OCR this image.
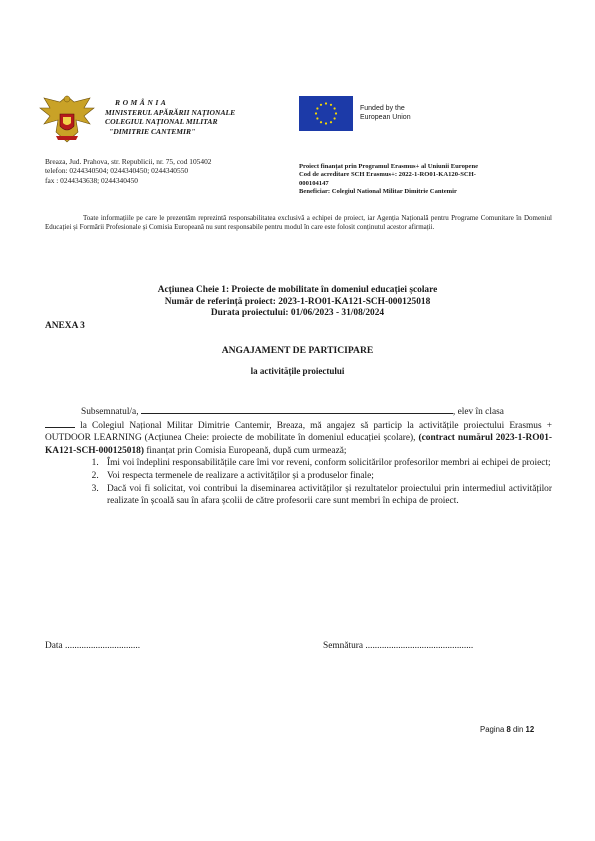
ROMÂNIA
MINISTERUL APĂRĂRII NAȚIONALE
COLEGIUL NAȚIONAL MILITAR
"DIMITRIE CANTEMIR"
Breaza, Jud. Prahova, str. Republicii, nr. 75, cod 105402
telefon: 0244340504; 0244340450; 0244340550
fax : 0244343638; 0244340450
Funded by the
European Union
Proiect finanțat prin Programul Erasmus+ al Uniunii Europene
Cod de acreditare SCH Erasmus+: 2022-1-RO01-KA120-SCH-
000104147
Beneficiar: Colegiul National Militar Dimitrie Cantemir
Toate informațiile pe care le prezentăm reprezintă responsabilitatea exclusivă a echipei de proiect, iar Agenția Națională pentru Programe Comunitare în Domeniul Educației și Formării Profesionale și Comisia Europeană nu sunt responsabile pentru modul în care este folosit conținutul acestor afirmații.
Acțiunea Cheie 1: Proiecte de mobilitate în domeniul educației școlare
Număr de referință proiect: 2023-1-RO01-KA121-SCH-000125018
Durata proiectului: 01/06/2023 - 31/08/2024
ANEXA 3
ANGAJAMENT DE PARTICIPARE
la activitățile proiectului

Subsemnatul/a,	, elev în clasa

la Colegiul Național Militar Dimitrie Cantemir, Breaza, mă angajez să particip la activitățile proiectului Erasmus + OUTDOOR LEARNING (Acțiunea Cheie: proiecte de mobilitate în domeniul educației școlare), (contract numărul 2023-1-RO01-KA121-SCH-000125018) finanțat prin Comisia Europeană, după cum urmează;
1. Îmi voi îndeplini responsabilitățile care îmi vor reveni, conform solicitărilor profesorilor membri ai echipei de proiect;
2. Voi respecta termenele de realizare a activităților și a produselor finale;
3. Dacă voi fi solicitat, voi contribui la diseminarea activităților și rezultatelor proiectului prin intermediul activităților realizate în școală sau în afara școlii de către profesorii care sunt membri în echipa de proiect.
Data ................................	Semnătura ..............................................
Pagina 8 din 12
